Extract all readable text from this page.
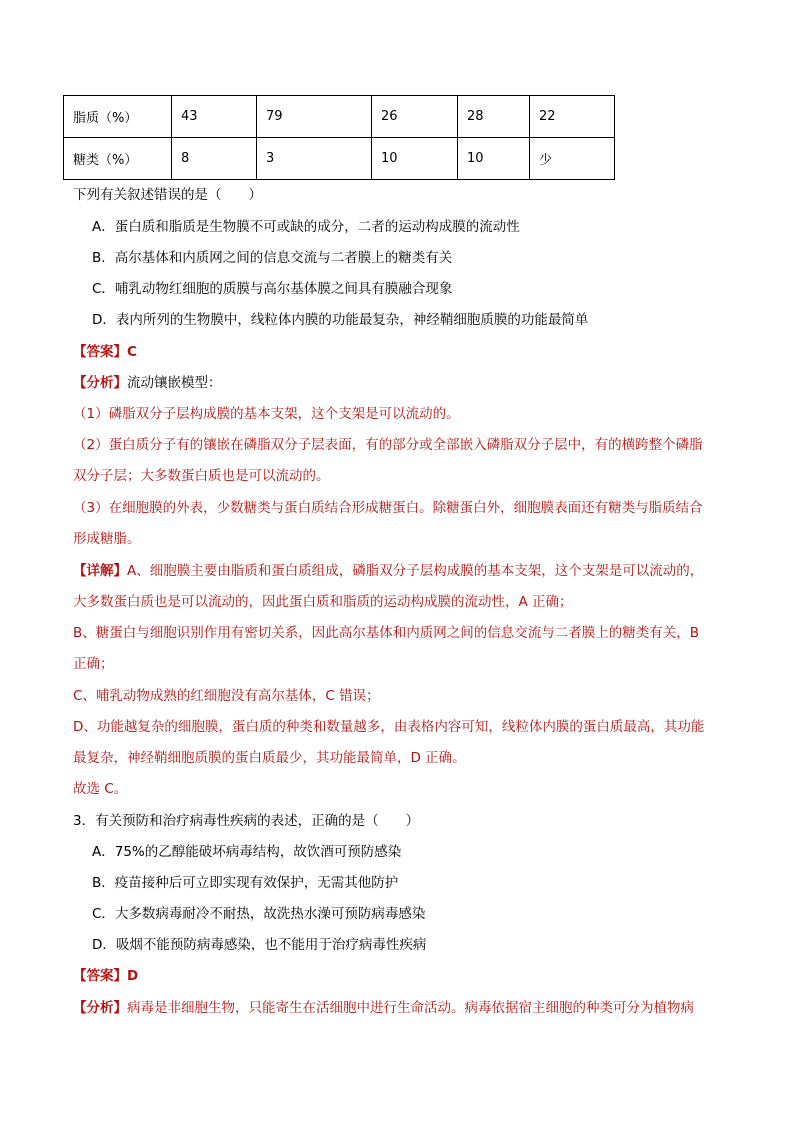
脂质（%）	43	79	26	28	22
糖类（%）	8	3	10	10	少
下列有关叙述错误的是（　　）
A．蛋白质和脂质是生物膜不可或缺的成分，二者的运动构成膜的流动性
B．高尔基体和内质网之间的信息交流与二者膜上的糖类有关
C．哺乳动物红细胞的质膜与高尔基体膜之间具有膜融合现象
D．表内所列的生物膜中，线粒体内膜的功能最复杂，神经鞘细胞质膜的功能最简单
【答案】C
【分析】流动镶嵌模型：
（1）磷脂双分子层构成膜的基本支架，这个支架是可以流动的。
（2）蛋白质分子有的镶嵌在磷脂双分子层表面，有的部分或全部嵌入磷脂双分子层中，有的横跨整个磷脂
双分子层；大多数蛋白质也是可以流动的。
（3）在细胞膜的外表，少数糖类与蛋白质结合形成糖蛋白。除糖蛋白外，细胞膜表面还有糖类与脂质结合
形成糖脂。
【详解】A、细胞膜主要由脂质和蛋白质组成，磷脂双分子层构成膜的基本支架，这个支架是可以流动的，
大多数蛋白质也是可以流动的，因此蛋白质和脂质的运动构成膜的流动性，A 正确；
B、糖蛋白与细胞识别作用有密切关系，因此高尔基体和内质网之间的信息交流与二者膜上的糖类有关，B
正确；
C、哺乳动物成熟的红细胞没有高尔基体，C 错误；
D、功能越复杂的细胞膜，蛋白质的种类和数量越多，由表格内容可知，线粒体内膜的蛋白质最高，其功能
最复杂，神经鞘细胞质膜的蛋白质最少，其功能最简单，D 正确。
故选 C。
3．有关预防和治疗病毒性疾病的表述，正确的是（　　）
A．75%的乙醇能破坏病毒结构，故饮酒可预防感染
B．疫苗接种后可立即实现有效保护，无需其他防护
C．大多数病毒耐冷不耐热，故洗热水澡可预防病毒感染
D．吸烟不能预防病毒感染，也不能用于治疗病毒性疾病
【答案】D
【分析】病毒是非细胞生物，只能寄生在活细胞中进行生命活动。病毒依据宿主细胞的种类可分为植物病
